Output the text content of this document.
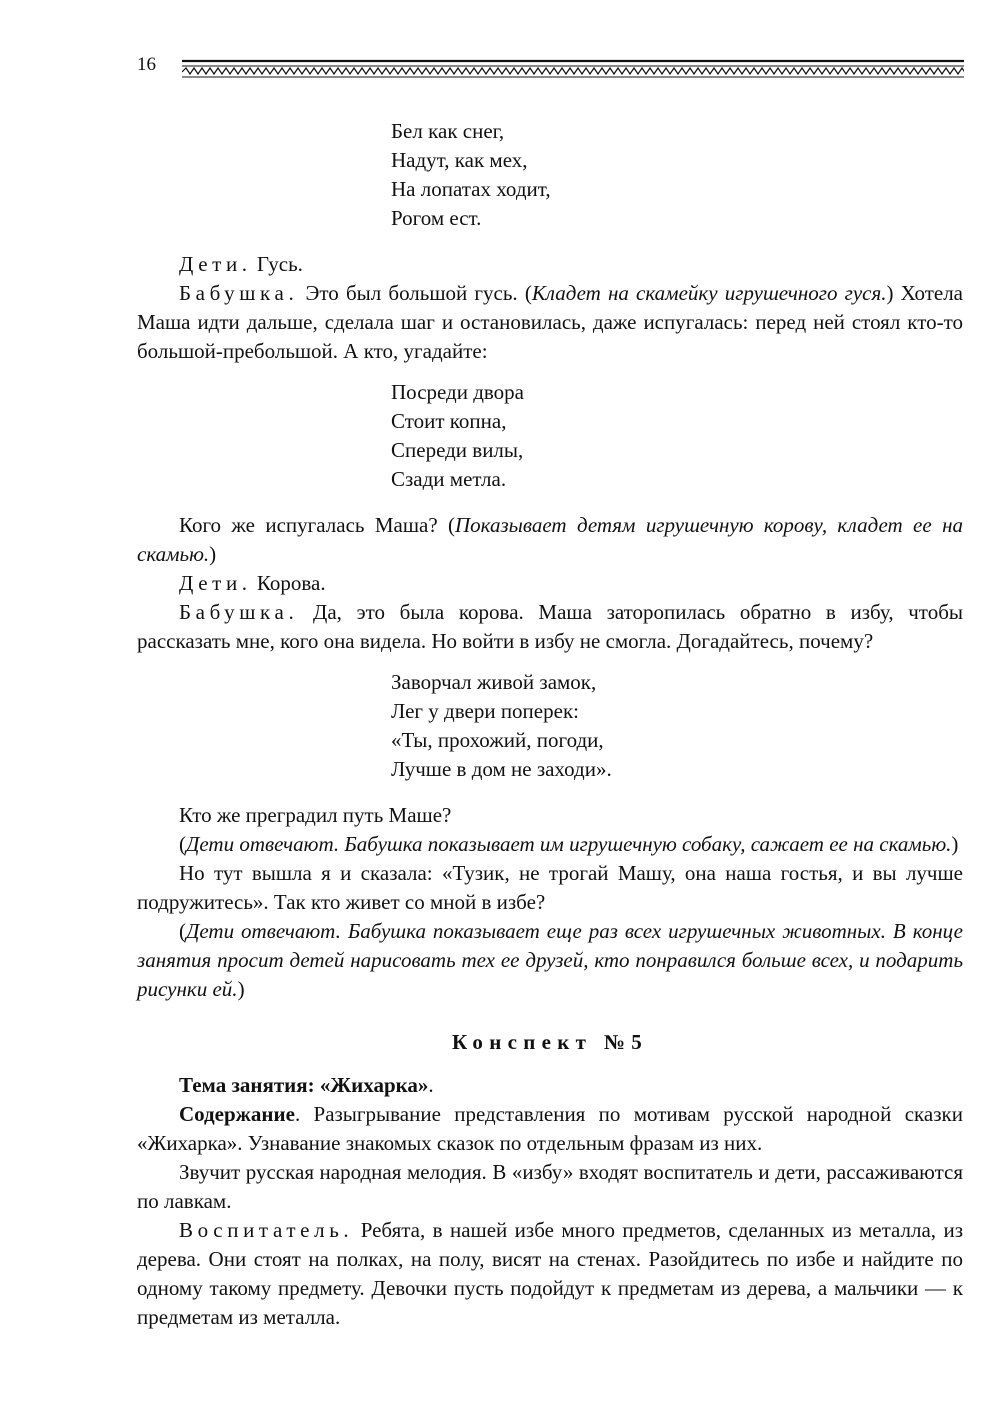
16
Бел как снег,
Надут, как мех,
На лопатах ходит,
Рогом ест.

Дети. Гусь.

Бабушка. Это был большой гусь. (Кладет на скамейку игрушечного гуся.) Хотела Маша идти дальше, сделала шаг и остановилась, даже испугалась: перед ней стоял кто-то большой-пребольшой. А кто, угадайте:

Посреди двора
Стоит копна,
Спереди вилы,
Сзади метла.

Кого же испугалась Маша? (Показывает детям игрушечную корову, кладет ее на скамью.)

Дети. Корова.

Бабушка. Да, это была корова. Маша заторопилась обратно в избу, чтобы рассказать мне, кого она видела. Но войти в избу не смогла. Догадайтесь, почему?

Заворчал живой замок,
Лег у двери поперек:
«Ты, прохожий, погоди,
Лучше в дом не заходи».

Кто же преградил путь Маше?

(Дети отвечают. Бабушка показывает им игрушечную собаку, сажает ее на скамью.)

Но тут вышла я и сказала: «Тузик, не трогай Машу, она наша гостья, и вы лучше подружитесь». Так кто живет со мной в избе?

(Дети отвечают. Бабушка показывает еще раз всех игрушечных животных. В конце занятия просит детей нарисовать тех ее друзей, кто понравился больше всех, и подарить рисунки ей.)

Конспект №5

Тема занятия: «Жихарка».

Содержание. Разыгрывание представления по мотивам русской народной сказки «Жихарка». Узнавание знакомых сказок по отдельным фразам из них.

Звучит русская народная мелодия. В «избу» входят воспитатель и дети, рассаживаются по лавкам.

Воспитатель. Ребята, в нашей избе много предметов, сделанных из металла, из дерева. Они стоят на полках, на полу, висят на стенах. Разойдитесь по избе и найдите по одному такому предмету. Девочки пусть подойдут к предметам из дерева, а мальчики — к предметам из металла.
